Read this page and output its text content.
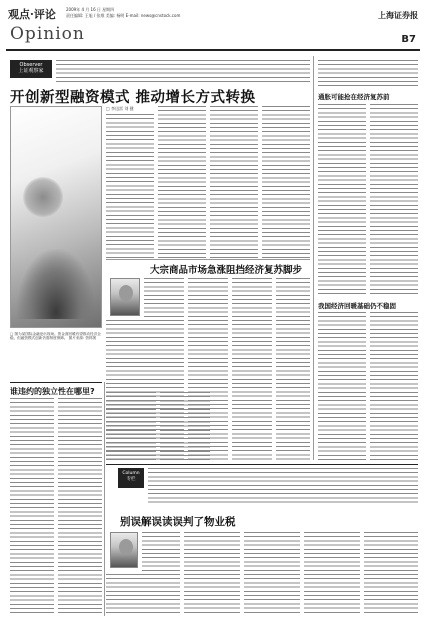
观点·评论	2009年 4 月 16 日 星期四
责任编辑: 王旭 / 张维 美编: 杨明 E-mail: news@cnstock.com	上海证券报
Opinion	B7
Observer
上证观察家
开创新型融资模式 推动增长方式转换
□ 李迅雷 刘 健
□ 图为某国际金融论坛现场。资金面回暖有望推动经济企稳，但融资模式创新仍需制度保障。 图片来源: 资料图
通胀可能抢在经济复苏前
我国经济回暖基础仍不稳固
大宗商品市场急涨阻挡经济复苏脚步
谁违约的独立性在哪里?
Column
专栏
别误解误读误判了物业税
